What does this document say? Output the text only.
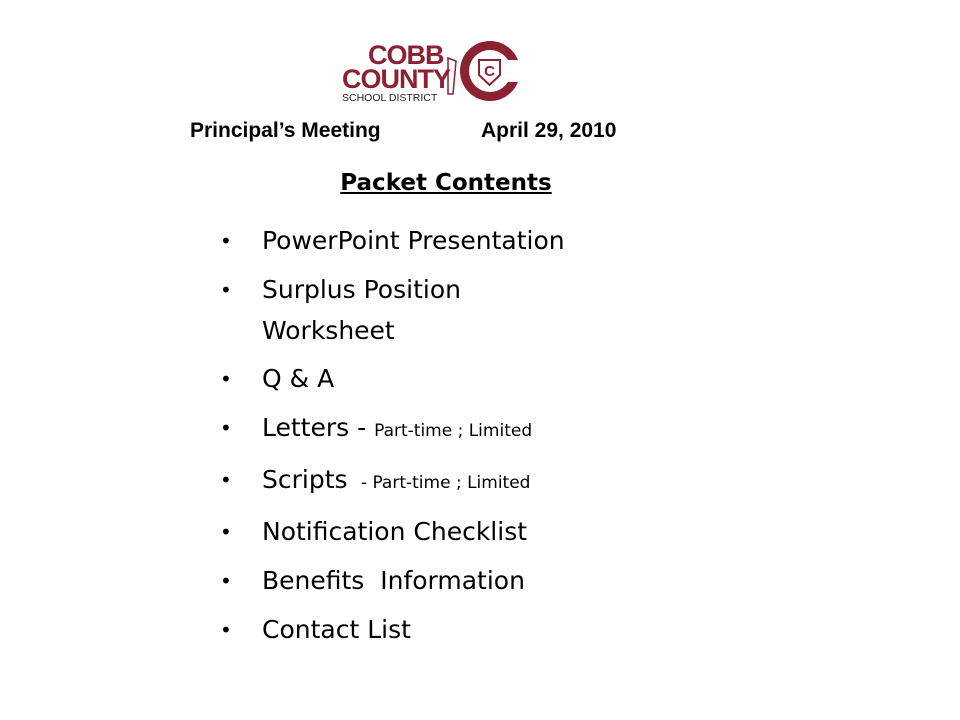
COBB
COUNTY
SCHOOL DISTRICT
C
Principal’s Meeting	April 29, 2010
Packet Contents
• PowerPoint Presentation
• Surplus Position
Worksheet
• Q & A
• Letters - Part-time ; Limited
• Scripts  - Part-time ; Limited
• Notification Checklist
• Benefits  Information
• Contact List
